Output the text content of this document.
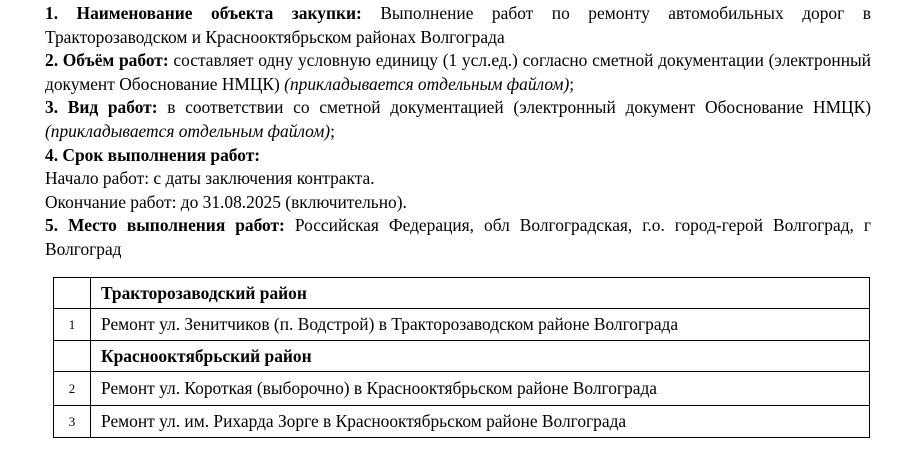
1. Наименование объекта закупки: Выполнение работ по ремонту автомобильных дорог в Тракторозаводском и Краснооктябрьском районах Волгограда

2. Объём работ: составляет одну условную единицу (1 усл.ед.) согласно сметной документации (электронный документ Обоснование НМЦК) (прикладывается отдельным файлом);

3. Вид работ: в соответствии со сметной документацией (электронный документ Обоснование НМЦК) (прикладывается отдельным файлом);

4. Срок выполнения работ:

Начало работ: с даты заключения контракта.

Окончание работ: до 31.08.2025 (включительно).

5. Место выполнения работ: Российская Федерация, обл Волгоградская, г.о. город-герой Волгоград, г Волгоград

	Тракторозаводский район
1	Ремонт ул. Зенитчиков (п. Водстрой) в Тракторозаводском районе Волгограда
	Краснооктябрьский район
2	Ремонт ул. Короткая (выборочно) в Краснооктябрьском районе Волгограда
3	Ремонт ул. им. Рихарда Зорге в Краснооктябрьском районе Волгограда
